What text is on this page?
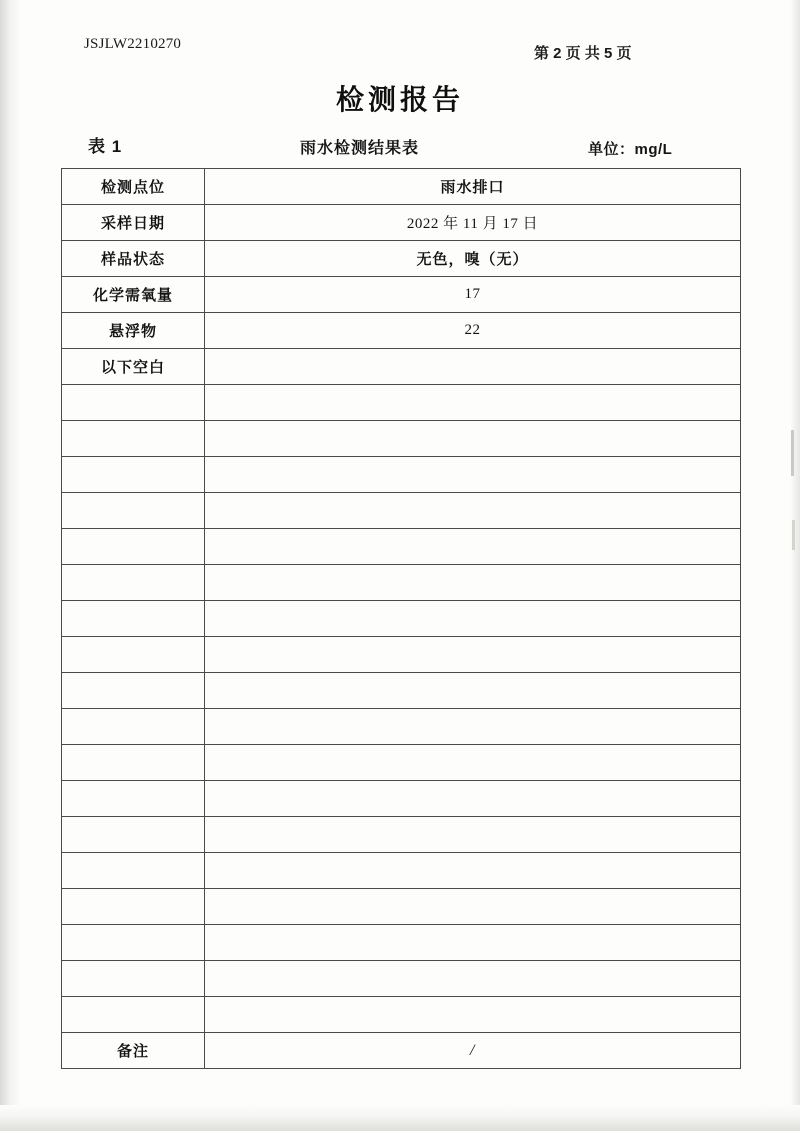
JSJLW2210270
第 2 页 共 5 页
检测报告
表 1	雨水检测结果表	单位：mg/L
检测点位	雨水排口
采样日期	2022 年 11 月 17 日
样品状态	无色，嗅（无）
化学需氧量	17
悬浮物	22
以下空白	

备注	/
